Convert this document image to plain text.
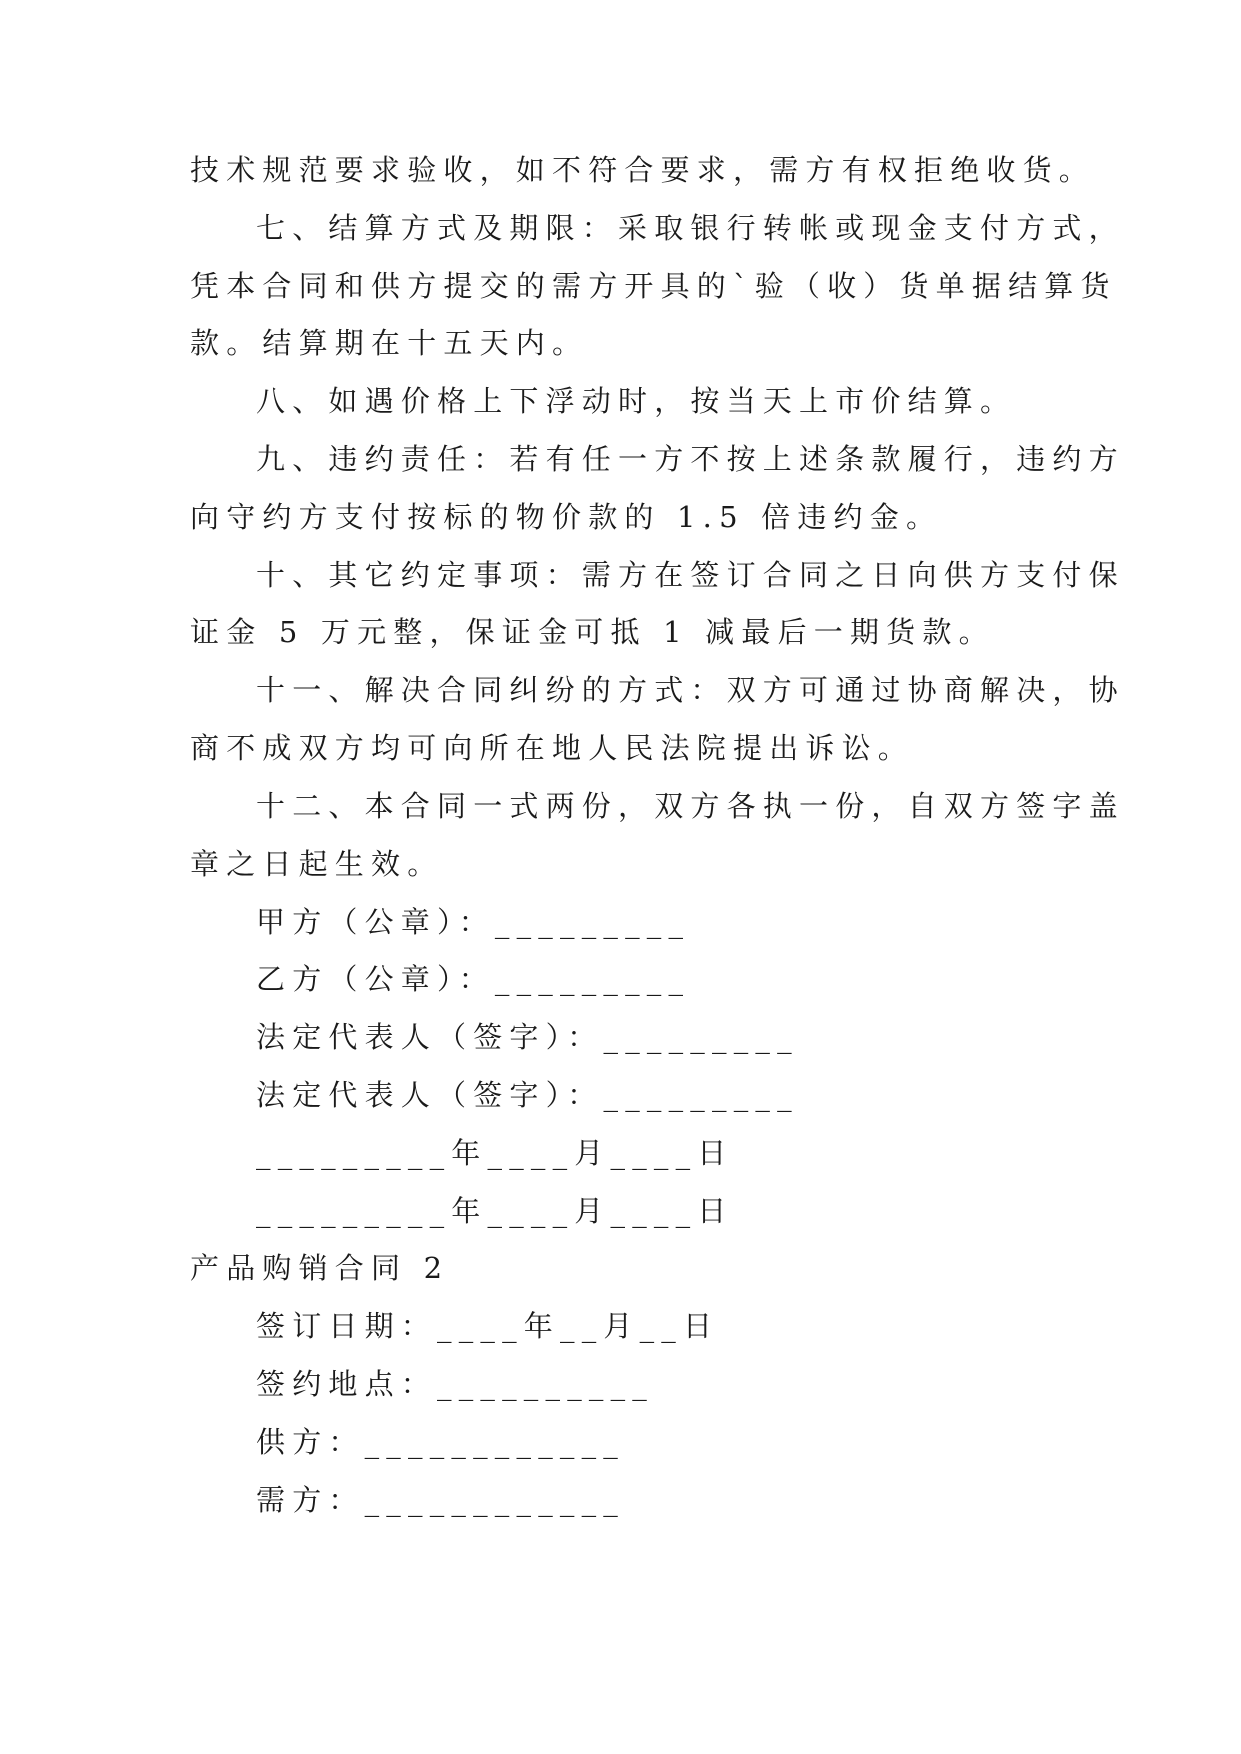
技术规范要求验收，如不符合要求，需方有权拒绝收货。
七、结算方式及期限：采取银行转帐或现金支付方式，
凭本合同和供方提交的需方开具的`验（收）货单据结算货
款。结算期在十五天内。
八、如遇价格上下浮动时，按当天上市价结算。
九、违约责任：若有任一方不按上述条款履行，违约方
向守约方支付按标的物价款的 1.5 倍违约金。
十、其它约定事项：需方在签订合同之日向供方支付保
证金 5 万元整，保证金可抵 1 减最后一期货款。
十一、解决合同纠纷的方式：双方可通过协商解决，协
商不成双方均可向所在地人民法院提出诉讼。
十二、本合同一式两份，双方各执一份，自双方签字盖
章之日起生效。
甲方（公章）：_________
乙方（公章）：_________
法定代表人（签字）：_________
法定代表人（签字）：_________
_________年____月____日
_________年____月____日
产品购销合同 2
签订日期：____年__月__日
签约地点：__________
供方：____________
需方：____________
